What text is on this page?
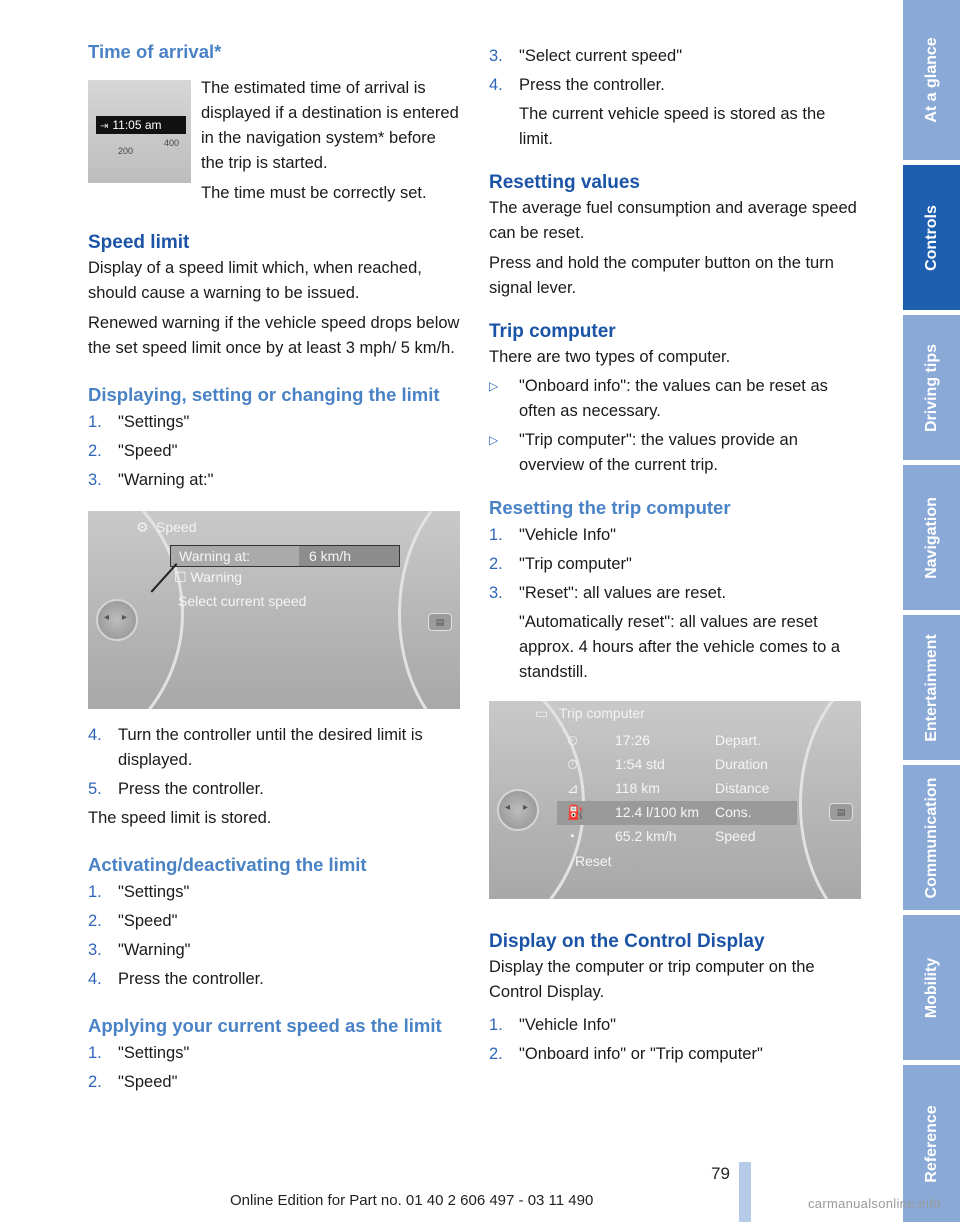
Time of arrival*
⇥ 11:05 am
200
400

The estimated time of arrival is displayed if a destination is entered in the navigation system* before the trip is started.

The time must be correctly set.

Speed limit

Display of a speed limit which, when reached, should cause a warning to be issued.

Renewed warning if the vehicle speed drops below the set speed limit once by at least 3 mph/ 5 km/h.

Displaying, setting or changing the limit
1. "Settings"
2. "Speed"
3. "Warning at:"
⚙ Speed
Warning at:	6 km/h
☐ Warning
Select current speed
◂ ▸	▤
4. Turn the controller until the desired limit is displayed.
5. Press the controller.

The speed limit is stored.

Activating/deactivating the limit
1. "Settings"
2. "Speed"
3. "Warning"
4. Press the controller.
Applying your current speed as the limit
1. "Settings"
2. "Speed"
3. "Select current speed"
4. Press the controller.
The current vehicle speed is stored as the limit.
Resetting values

The average fuel consumption and average speed can be reset.

Press and hold the computer button on the turn signal lever.

Trip computer

There are two types of computer.

▷	"Onboard info": the values can be reset as often as necessary.
▷	"Trip computer": the values provide an overview of the current trip.
Resetting the trip computer
1. "Vehicle Info"
2. "Trip computer"
3. "Reset": all values are reset.
"Automatically reset": all values are reset approx. 4 hours after the vehicle comes to a standstill.
▭ Trip computer
⏲	17:26	Depart.
⏱	1:54 std	Duration
⊿	118 km	Distance
⛽ 12.4 l/100 km Cons.
◔	65.2 km/h	Speed
Reset
◂ ▸	▤
Display on the Control Display

Display the computer or trip computer on the Control Display.

1. "Vehicle Info"
2. "Onboard info" or "Trip computer"
At a glance
Controls
Driving tips
Navigation
Entertainment
Communication
Mobility
Reference
79
Online Edition for Part no. 01 40 2 606 497 - 03 11 490	carmanualsonline.info
